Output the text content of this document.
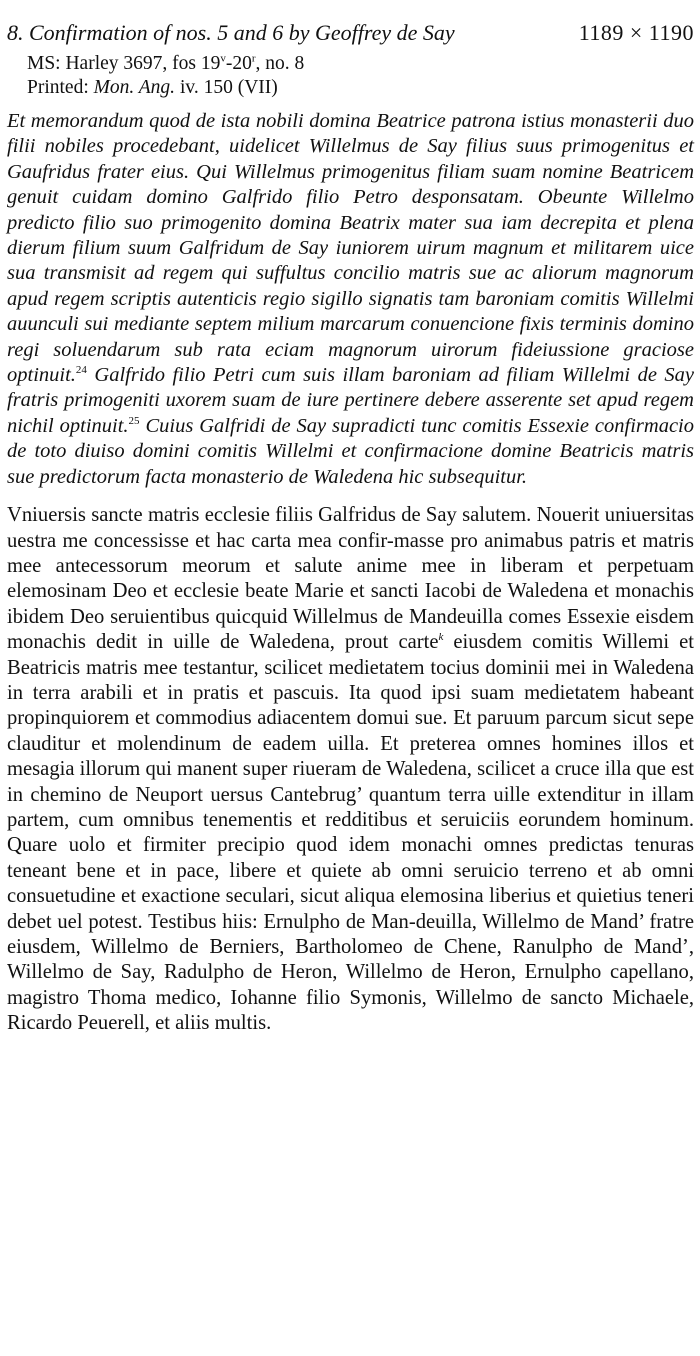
8. Confirmation of nos. 5 and 6 by Geoffrey de Say	1189 × 1190
MS: Harley 3697, fos 19$^v$-20$^r$, no. 8
Printed: Mon. Ang. iv. 150 (VII)
Et memorandum quod de ista nobili domina Beatrice patrona istius monasterii duo filii nobiles procedebant, uidelicet Willelmus de Say filius suus primogenitus et Gaufridus frater eius. Qui Willelmus primogenitus filiam suam nomine Beatricem genuit cuidam domino Galfrido filio Petro desponsatam. Obeunte Willelmo predicto filio suo primogenito domina Beatrix mater sua iam decrepita et plena dierum filium suum Galfridum de Say iuniorem uirum magnum et militarem uice sua transmisit ad regem qui suffultus concilio matris sue ac aliorum magnorum apud regem scriptis autenticis regio sigillo signatis tam baroniam comitis Willelmi auunculi sui mediante septem milium marcarum conuencione fixis terminis domino regi soluendarum sub rata eciam magnorum uirorum fideiussione graciose optinuit.$^{24}$ Galfrido filio Petri cum suis illam baroniam ad filiam Willelmi de Say fratris primogeniti uxorem suam de iure pertinere debere asserente set apud regem nichil optinuit.$^{25}$ Cuius Galfridi de Say supradicti tunc comitis Essexie confirmacio de toto diuiso domini comitis Willelmi et confirmacione domine Beatricis matris sue predictorum facta monasterio de Waledena hic subsequitur.
Vniuersis sancte matris ecclesie filiis Galfridus de Say salutem. Nouerit uniuersitas uestra me concessisse et hac carta mea confir-masse pro animabus patris et matris mee antecessorum meorum et salute anime mee in liberam et perpetuam elemosinam Deo et ecclesie beate Marie et sancti Iacobi de Waledena et monachis ibidem Deo seruientibus quicquid Willelmus de Mandeuilla comes Essexie eisdem monachis dedit in uille de Waledena, prout carte$^k$ eiusdem comitis Willemi et Beatricis matris mee testantur, scilicet medietatem tocius dominii mei in Waledena in terra arabili et in pratis et pascuis. Ita quod ipsi suam medietatem habeant propinquiorem et commodius adiacentem domui sue. Et paruum parcum sicut sepe clauditur et molendinum de eadem uilla. Et preterea omnes homines illos et mesagia illorum qui manent super riueram de Waledena, scilicet a cruce illa que est in chemino de Neuport uersus Cantebrug’ quantum terra uille extenditur in illam partem, cum omnibus tenementis et redditibus et seruiciis eorundem hominum. Quare uolo et firmiter precipio quod idem monachi omnes predictas tenuras teneant bene et in pace, libere et quiete ab omni seruicio terreno et ab omni consuetudine et exactione seculari, sicut aliqua elemosina liberius et quietius teneri debet uel potest. Testibus hiis: Ernulpho de Man-deuilla, Willelmo de Mand’ fratre eiusdem, Willelmo de Berniers, Bartholomeo de Chene, Ranulpho de Mand’, Willelmo de Say, Radulpho de Heron, Willelmo de Heron, Ernulpho capellano, magistro Thoma medico, Iohanne filio Symonis, Willelmo de sancto Michaele, Ricardo Peuerell, et aliis multis.
